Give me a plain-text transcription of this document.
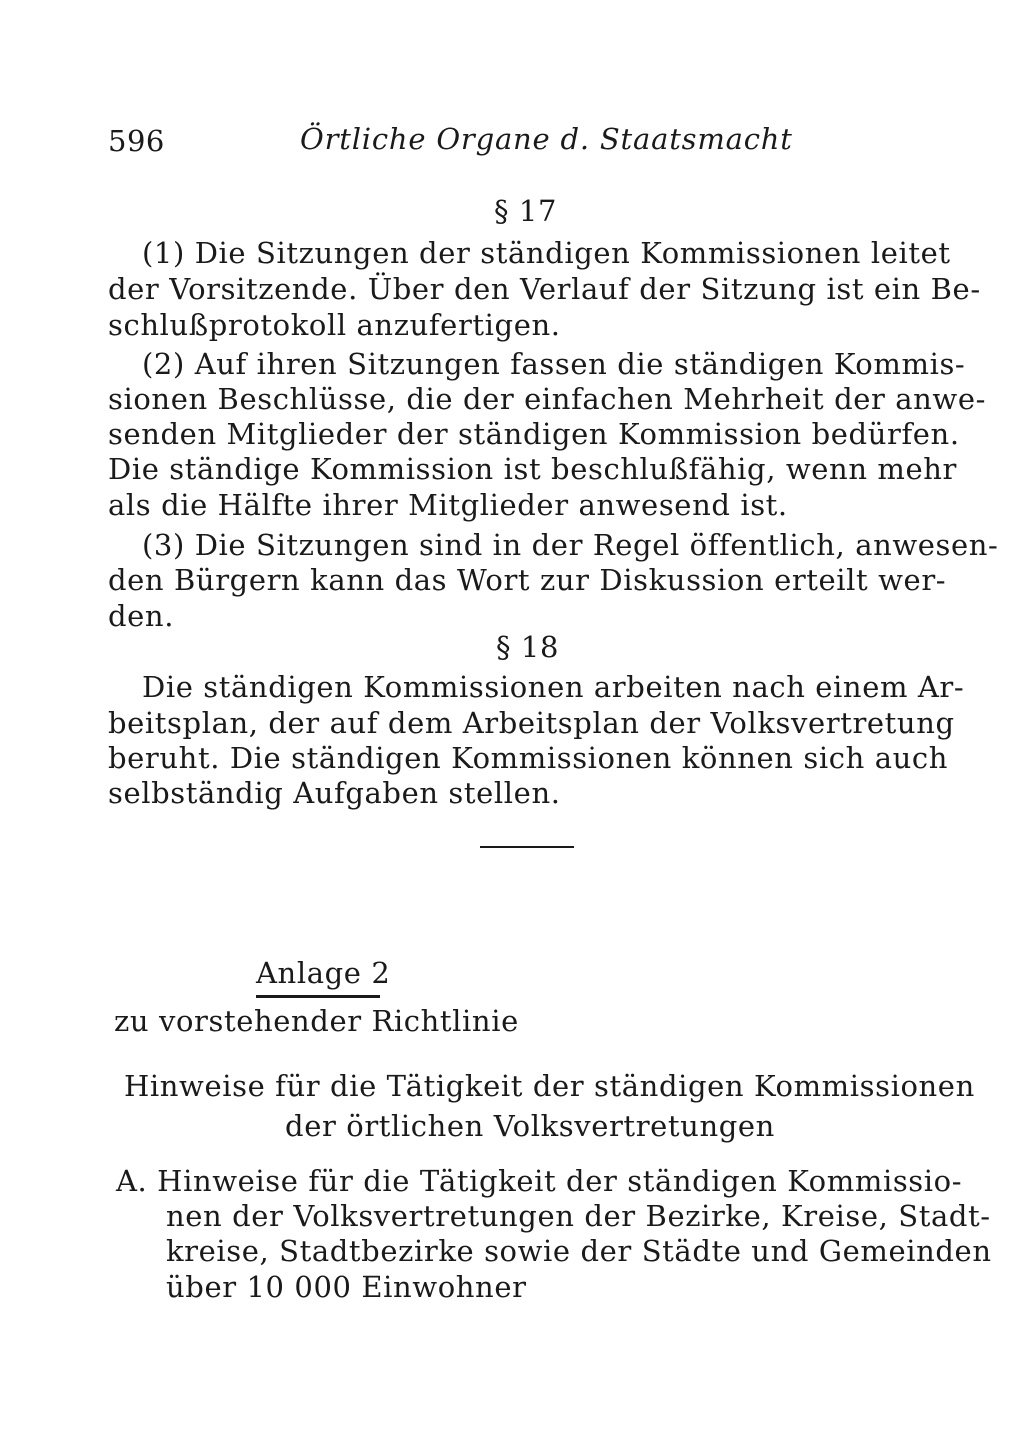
596	Örtliche Organe d. Staatsmacht
§ 17
(1) Die Sitzungen der ständigen Kommissionen leitet
der Vorsitzende. Über den Verlauf der Sitzung ist ein Be-
schlußprotokoll anzufertigen.
(2) Auf ihren Sitzungen fassen die ständigen Kommis-
sionen Beschlüsse, die der einfachen Mehrheit der anwe-
senden Mitglieder der ständigen Kommission bedürfen.
Die ständige Kommission ist beschlußfähig, wenn mehr
als die Hälfte ihrer Mitglieder anwesend ist.
(3) Die Sitzungen sind in der Regel öffentlich, anwesen-
den Bürgern kann das Wort zur Diskussion erteilt wer-
den.
§ 18
Die ständigen Kommissionen arbeiten nach einem Ar-
beitsplan, der auf dem Arbeitsplan der Volksvertretung
beruht. Die ständigen Kommissionen können sich auch
selbständig Aufgaben stellen.
Anlage 2
zu vorstehender Richtlinie
Hinweise für die Tätigkeit der ständigen Kommissionen
der örtlichen Volksvertretungen
A. Hinweise für die Tätigkeit der ständigen Kommissio-
nen der Volksvertretungen der Bezirke, Kreise, Stadt-
kreise, Stadtbezirke sowie der Städte und Gemeinden
über 10 000 Einwohner
